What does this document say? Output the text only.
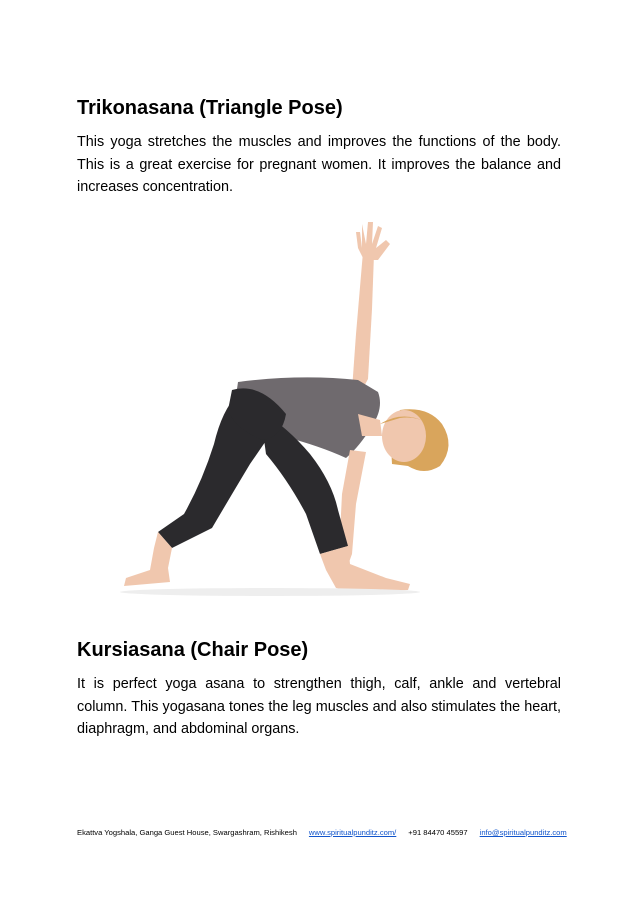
Trikonasana (Triangle Pose)

This yoga stretches the muscles and improves the functions of the body. This is a great exercise for pregnant women. It improves the balance and increases concentration.

Kursiasana (Chair Pose)

It is perfect yoga asana to strengthen thigh, calf, ankle and vertebral column. This yogasana tones the leg muscles and also stimulates the heart, diaphragm, and abdominal organs.

Ekattva Yogshala, Ganga Guest House, Swargashram, Rishikesh www.spiritualpunditz.com/ +91 84470 45597 info@spiritualpunditz.com
